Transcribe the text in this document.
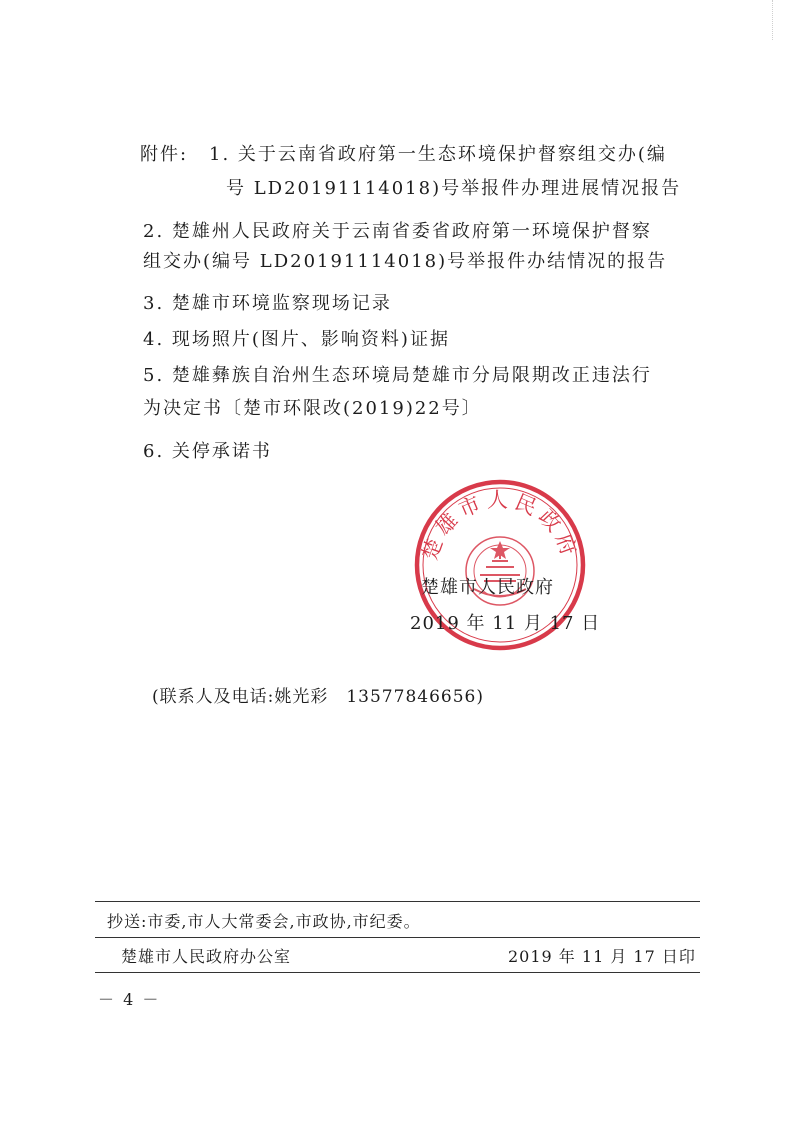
附件: 1. 关于云南省政府第一生态环境保护督察组交办(编
号 LD20191114018)号举报件办理进展情况报告
2. 楚雄州人民政府关于云南省委省政府第一环境保护督察
组交办(编号 LD20191114018)号举报件办结情况的报告
3. 楚雄市环境监察现场记录
4. 现场照片(图片、影响资料)证据
5. 楚雄彝族自治州生态环境局楚雄市分局限期改正违法行
为决定书〔楚市环限改(2019)22号〕
6. 关停承诺书
楚雄市人民政府
楚雄市人民政府
2019 年 11 月 17 日
(联系人及电话:姚光彩　13577846656)
抄送:市委,市人大常委会,市政协,市纪委。
楚雄市人民政府办公室	2019 年 11 月 17 日印
－ 4 －
